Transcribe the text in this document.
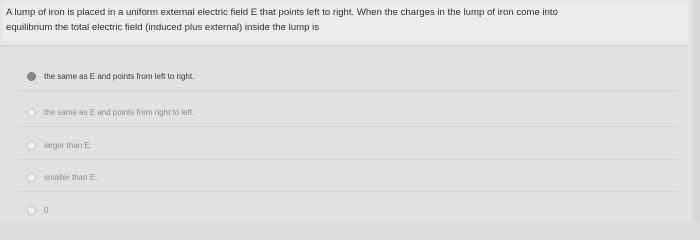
A lump of iron is placed in a uniform external electric field E that points left to right. When the charges in the lump of iron come into
equilibrium the total electric field (induced plus external) inside the lump is
the same as E and points from left to right.
the same as E and points from right to left.
larger than E.
smaller than E.
0
